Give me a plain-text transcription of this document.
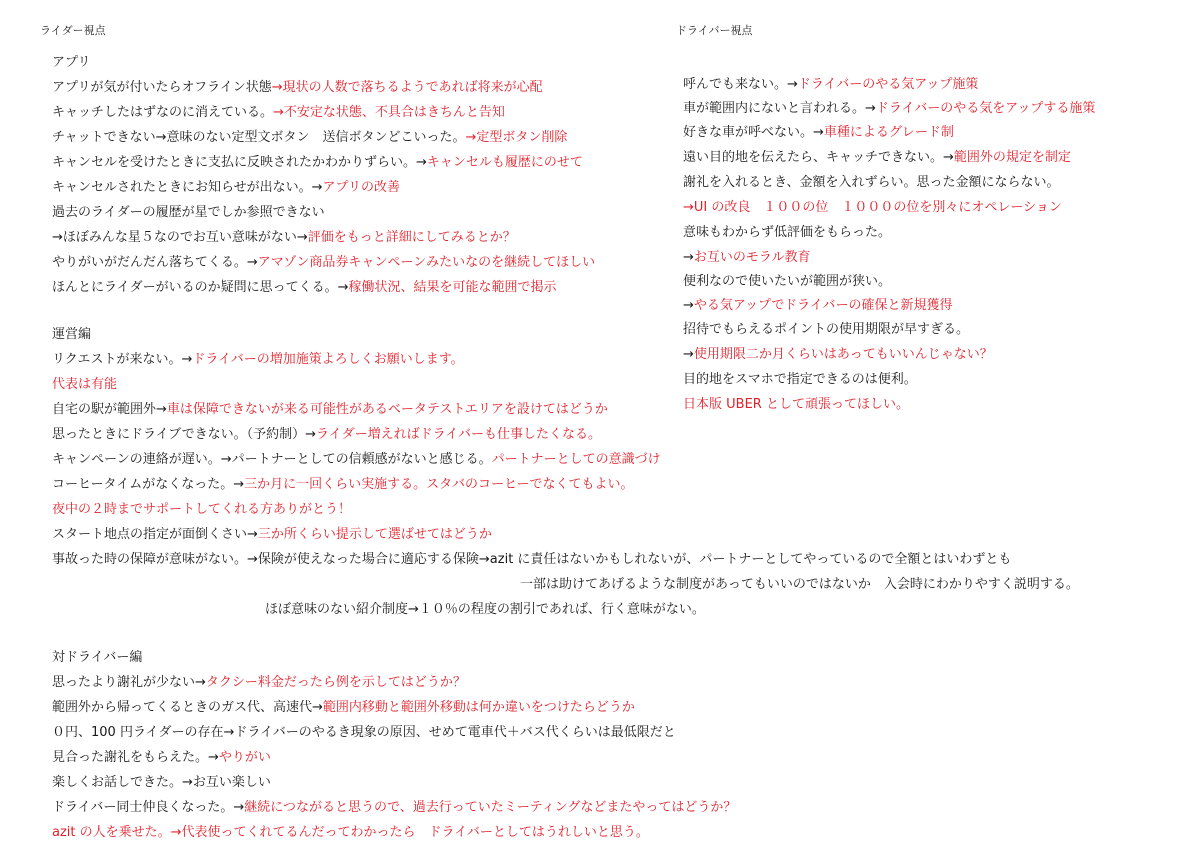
ライダー視点	ドライバー視点
アプリ
アプリが気が付いたらオフライン状態→現状の人数で落ちるようであれば将来が心配
キャッチしたはずなのに消えている。→不安定な状態、不具合はきちんと告知
チャットできない→意味のない定型文ボタン　送信ボタンどこいった。→定型ボタン削除
キャンセルを受けたときに支払に反映されたかわかりずらい。→キャンセルも履歴にのせて
キャンセルされたときにお知らせが出ない。→アプリの改善
過去のライダーの履歴が星でしか参照できない
→ほぼみんな星５なのでお互い意味がない→評価をもっと詳細にしてみるとか？
やりがいがだんだん落ちてくる。→アマゾン商品券キャンペーンみたいなのを継続してほしい
ほんとにライダーがいるのか疑問に思ってくる。→稼働状況、結果を可能な範囲で掲示
運営編
リクエストが来ない。→ドライバーの増加施策よろしくお願いします。
代表は有能
自宅の駅が範囲外→車は保障できないが来る可能性があるベータテストエリアを設けてはどうか
思ったときにドライブできない。（予約制）→ライダー増えればドライバーも仕事したくなる。
キャンペーンの連絡が遅い。→パートナーとしての信頼感がないと感じる。パートナーとしての意識づけ
コーヒータイムがなくなった。→三か月に一回くらい実施する。スタバのコーヒーでなくてもよい。
夜中の２時までサポートしてくれる方ありがとう！
スタート地点の指定が面倒くさい→三か所くらい提示して選ばせてはどうか
事故った時の保障が意味がない。→保険が使えなった場合に適応する保険→azit に責任はないかもしれないが、パートナーとしてやっているので全額とはいわずとも
一部は助けてあげるような制度があってもいいのではないか　入会時にわかりやすく説明する。
ほぼ意味のない紹介制度→１０％の程度の割引であれば、行く意味がない。
対ドライバー編
思ったより謝礼が少ない→タクシー料金だったら例を示してはどうか？
範囲外から帰ってくるときのガス代、高速代→範囲内移動と範囲外移動は何か違いをつけたらどうか
０円、100 円ライダーの存在→ドライバーのやるき現象の原因、せめて電車代＋バス代くらいは最低限だと
見合った謝礼をもらえた。→やりがい
楽しくお話しできた。→お互い楽しい
ドライバー同士仲良くなった。→継続につながると思うので、過去行っていたミーティングなどまたやってはどうか？
azit の人を乗せた。→代表使ってくれてるんだってわかったら　ドライバーとしてはうれしいと思う。
呼んでも来ない。→ドライバーのやる気アップ施策
車が範囲内にないと言われる。→ドライバーのやる気をアップする施策
好きな車が呼べない。→車種によるグレード制
遠い目的地を伝えたら、キャッチできない。→範囲外の規定を制定
謝礼を入れるとき、金額を入れずらい。思った金額にならない。
→UI の改良　１００の位　１０００の位を別々にオペレーション
意味もわからず低評価をもらった。
→お互いのモラル教育
便利なので使いたいが範囲が狭い。
→やる気アップでドライバーの確保と新規獲得
招待でもらえるポイントの使用期限が早すぎる。
→使用期限二か月くらいはあってもいいんじゃない？
目的地をスマホで指定できるのは便利。
日本版 UBER として頑張ってほしい。
